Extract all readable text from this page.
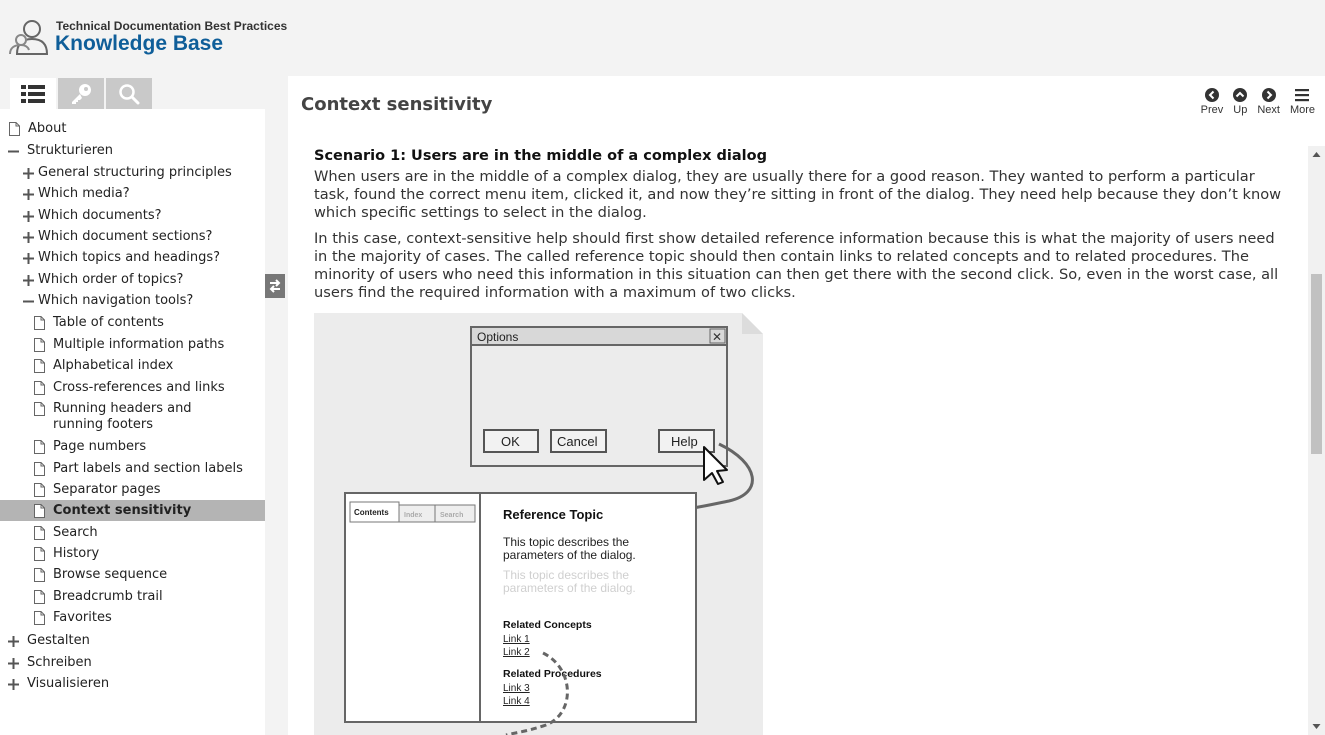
Technical Documentation Best Practices
Knowledge Base
About
Strukturieren
General structuring principles
Which media?
Which documents?
Which document sections?
Which topics and headings?
Which order of topics?
Which navigation tools?
Table of contents
Multiple information paths
Alphabetical index
Cross-references and links
Running headers and running footers
Page numbers
Part labels and section labels
Separator pages
Context sensitivity
Search
History
Browse sequence
Breadcrumb trail
Favorites
Gestalten
Schreiben
Visualisieren
Context sensitivity	Prev Up Next More
Scenario 1: Users are in the middle of a complex dialog

When users are in the middle of a complex dialog, they are usually there for a good reason. They wanted to perform a particular task, found the correct menu item, clicked it, and now they’re sitting in front of the dialog. They need help because they don’t know which specific settings to select in the dialog.

In this case, context-sensitive help should first show detailed reference information because this is what the majority of users need in the majority of cases. The called reference topic should then contain links to related concepts and to related procedures. The minority of users who need this information in this situation can then get there with the second click. So, even in the worst case, all users find the required information with a maximum of two clicks.

Options	✕
OK	Cancel	Help
Contents Index	Search	Reference Topic
This topic describes the
parameters of the dialog.
This topic describes the
parameters of the dialog.
Related Concepts
Link 1
Link 2
Related Procedures
Link 3
Link 4
